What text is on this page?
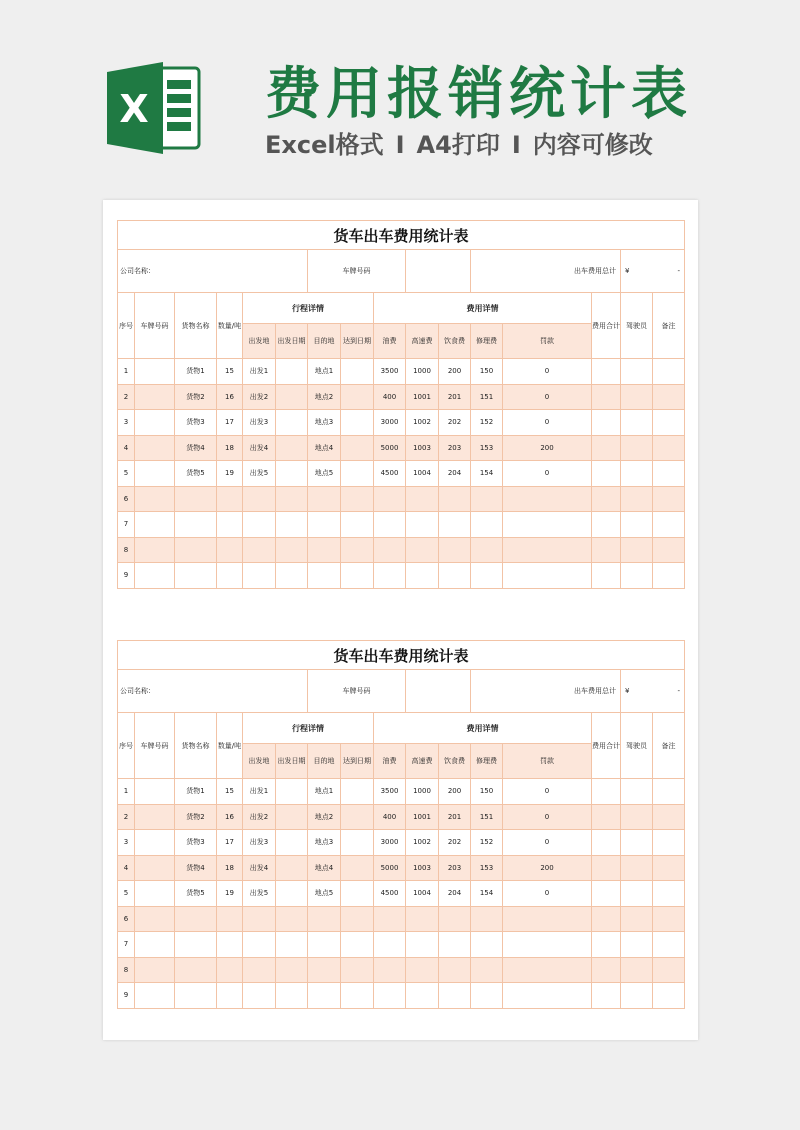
X 费用报销统计表
Excel格式 I A4打印 I 内容可修改
货车出车费用统计表															
公司名称：						车牌号码					出车费用总计			¥ -	

序号	车牌号码	货物名称	数量/吨	行程详情				费用详情					费用合计	驾驶员	备注
				出发地	出发日期	目的地	达到日期	油费	高速费	饮食费	修理费	罚款			
1		货物1	15	出发1		地点1		3500	1000	200	150	0			
2		货物2	16	出发2		地点2		400	1001	201	151	0			
3		货物3	17	出发3		地点3		3000	1002	202	152	0			
4		货物4	18	出发4		地点4		5000	1003	203	153	200			
5		货物5	19	出发5		地点5		4500	1004	204	154	0			
6															
7															
8															
9															
货车出车费用统计表															
公司名称：						车牌号码					出车费用总计			¥ -	

序号	车牌号码	货物名称	数量/吨	行程详情				费用详情					费用合计	驾驶员	备注
				出发地	出发日期	目的地	达到日期	油费	高速费	饮食费	修理费	罚款			
1		货物1	15	出发1		地点1		3500	1000	200	150	0			
2		货物2	16	出发2		地点2		400	1001	201	151	0			
3		货物3	17	出发3		地点3		3000	1002	202	152	0			
4		货物4	18	出发4		地点4		5000	1003	203	153	200			
5		货物5	19	出发5		地点5		4500	1004	204	154	0			
6															
7															
8															
9															
